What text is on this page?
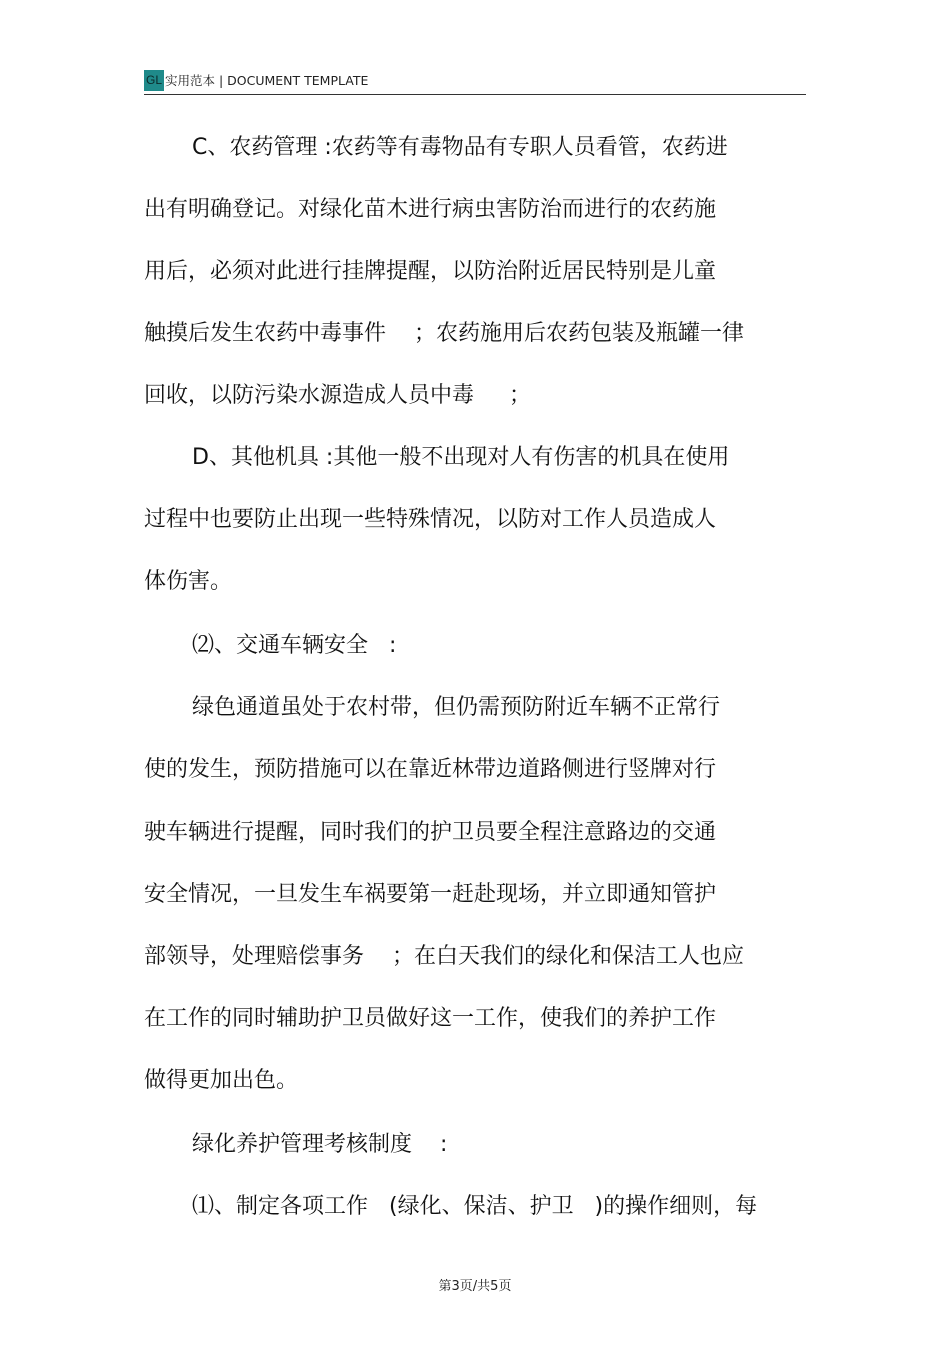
GL 实用范本 | DOCUMENT TEMPLATE
C、农药管理 :农药等有毒物品有专职人员看管，农药进
出有明确登记。对绿化苗木进行病虫害防治而进行的农药施
用后，必须对此进行挂牌提醒，以防治附近居民特别是儿童
触摸后发生农药中毒事件    ；农药施用后农药包装及瓶罐一律
回收，以防污染水源造成人员中毒     ；
D、其他机具 :其他一般不出现对人有伤害的机具在使用
过程中也要防止出现一些特殊情况，以防对工作人员造成人
体伤害。
⑵、交通车辆安全   :
绿色通道虽处于农村带，但仍需预防附近车辆不正常行
使的发生，预防措施可以在靠近林带边道路侧进行竖牌对行
驶车辆进行提醒，同时我们的护卫员要全程注意路边的交通
安全情况，一旦发生车祸要第一赶赴现场，并立即通知管护
部领导，处理赔偿事务    ；在白天我们的绿化和保洁工人也应
在工作的同时辅助护卫员做好这一工作，使我们的养护工作
做得更加出色。
绿化养护管理考核制度    :
⑴、制定各项工作   (绿化、保洁、护卫   )的操作细则，每
第3页/共5页
